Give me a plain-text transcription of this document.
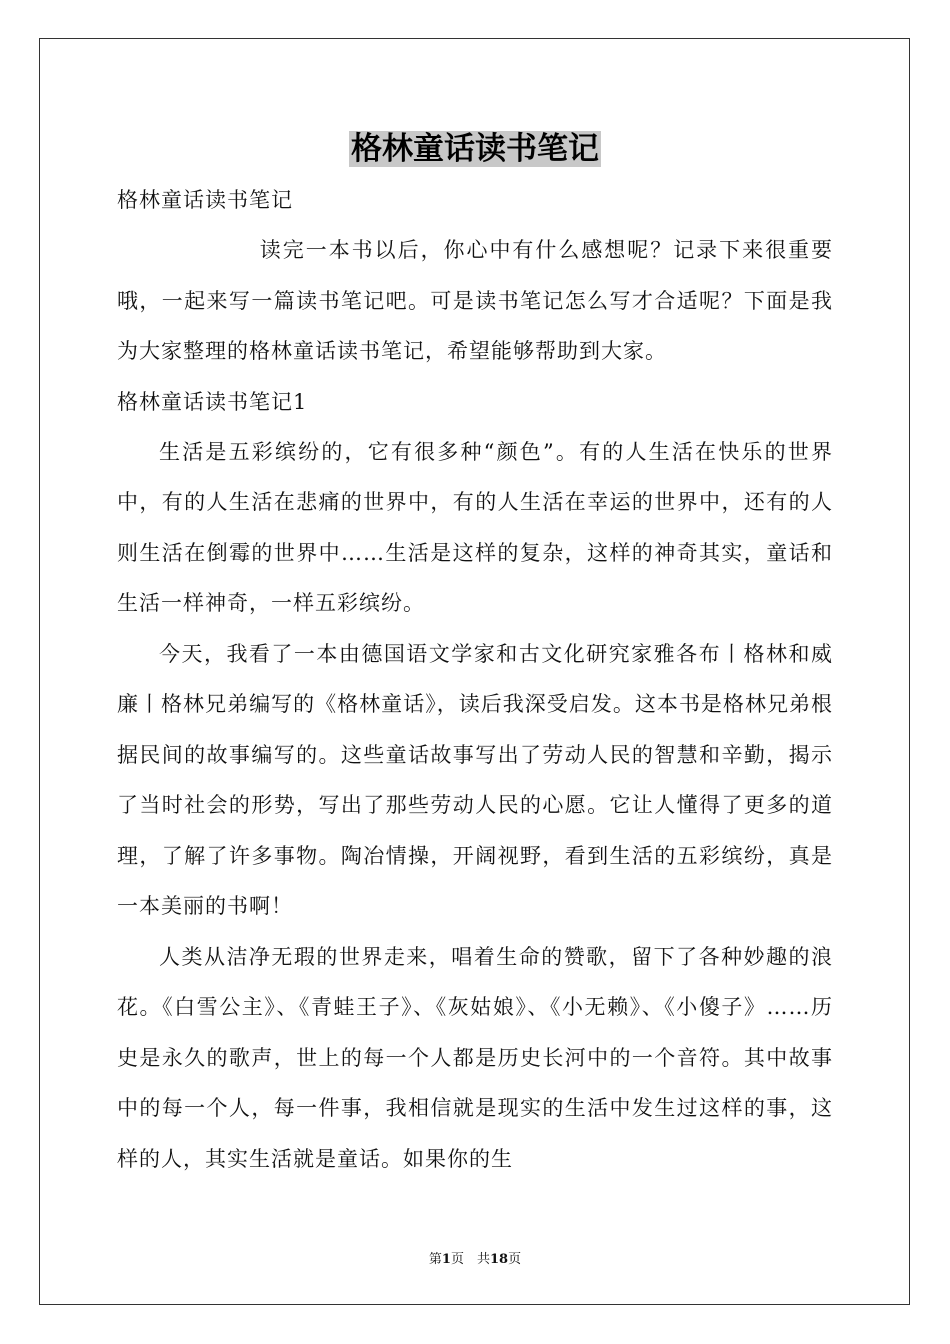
格林童话读书笔记

格林童话读书笔记

读完一本书以后，你心中有什么感想呢？记录下来很重要哦，一起来写一篇读书笔记吧。可是读书笔记怎么写才合适呢？下面是我为大家整理的格林童话读书笔记，希望能够帮助到大家。

格林童话读书笔记1

生活是五彩缤纷的，它有很多种“颜色”。有的人生活在快乐的世界中，有的人生活在悲痛的世界中，有的人生活在幸运的世界中，还有的人则生活在倒霉的世界中……生活是这样的复杂，这样的神奇其实，童话和生活一样神奇，一样五彩缤纷。

今天，我看了一本由德国语文学家和古文化研究家雅各布丨格林和威廉丨格林兄弟编写的《格林童话》，读后我深受启发。这本书是格林兄弟根据民间的故事编写的。这些童话故事写出了劳动人民的智慧和辛勤，揭示了当时社会的形势，写出了那些劳动人民的心愿。它让人懂得了更多的道理，了解了许多事物。陶冶情操，开阔视野，看到生活的五彩缤纷，真是一本美丽的书啊！

人类从洁净无瑕的世界走来，唱着生命的赞歌，留下了各种妙趣的浪花。《白雪公主》、《青蛙王子》、《灰姑娘》、《小无赖》、《小傻子》……历史是永久的歌声，世上的每一个人都是历史长河中的一个音符。其中故事中的每一个人，每一件事，我相信就是现实的生活中发生过这样的事，这样的人，其实生活就是童话。如果你的生

第1页　共18页
